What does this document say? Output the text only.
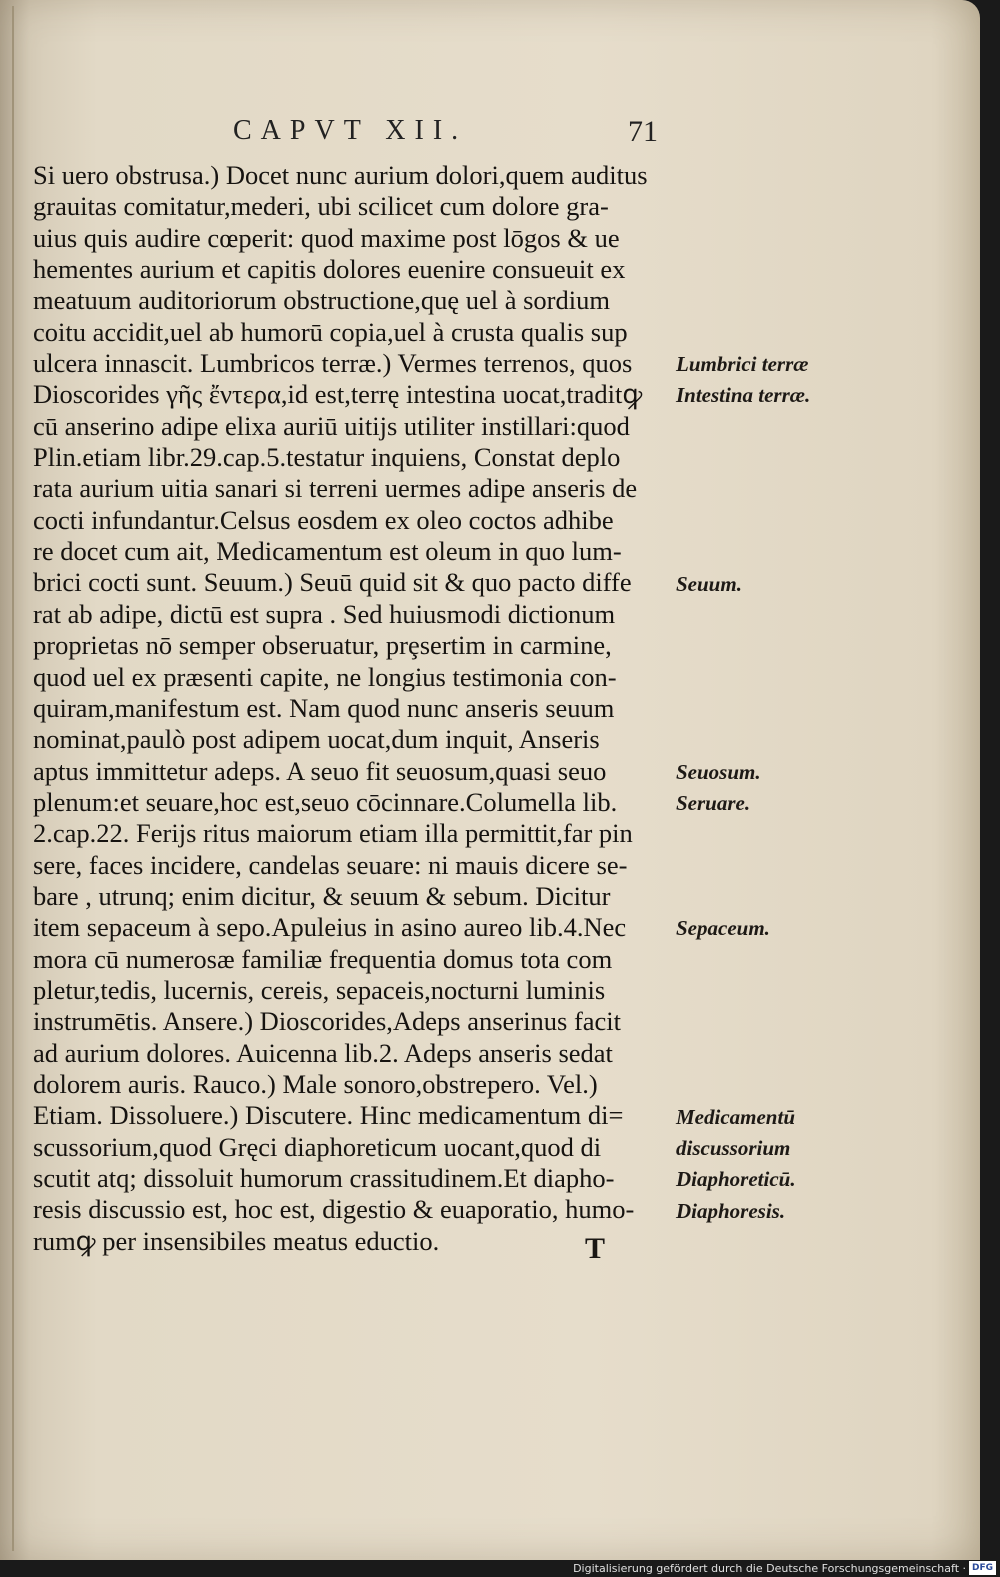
CAPVT XII.	71
Si uero obstrusa.) Docet nunc aurium dolori,quem auditus
grauitas comitatur,mederi, ubi scilicet cum dolore gra-
uius quis audire cœperit: quod maxime post lōgos & ue
hementes aurium et capitis dolores euenire consueuit ex
meatuum auditoriorum obstructione,quę uel à sordium
coitu accidit,uel ab humorū copia,uel à crusta qualis sup
ulcera innascit. Lumbricos terræ.) Vermes terrenos, quos
Dioscorides γῆς ἔντερα,id est,terrę intestina uocat,traditꝙ
cū anserino adipe elixa auriū uitijs utiliter instillari:quod
Plin.etiam libr.29.cap.5.testatur inquiens, Constat deplo
rata aurium uitia sanari si terreni uermes adipe anseris de
cocti infundantur.Celsus eosdem ex oleo coctos adhibe
re docet cum ait, Medicamentum est oleum in quo lum-
brici cocti sunt. Seuum.) Seuū quid sit & quo pacto diffe
rat ab adipe, dictū est supra . Sed huiusmodi dictionum
proprietas nō semper obseruatur, prȩsertim in carmine,
quod uel ex præsenti capite, ne longius testimonia con-
quiram,manifestum est. Nam quod nunc anseris seuum
nominat,paulò post adipem uocat,dum inquit, Anseris
aptus immittetur adeps. A seuo fit seuosum,quasi seuo
plenum:et seuare,hoc est,seuo cōcinnare.Columella lib.
2.cap.22. Ferijs ritus maiorum etiam illa permittit,far pin
sere, faces incidere, candelas seuare: ni mauis dicere se-
bare , utrunq; enim dicitur, & seuum & sebum. Dicitur
item sepaceum à sepo.Apuleius in asino aureo lib.4.Nec
mora cū numerosæ familiæ frequentia domus tota com
pletur,tedis, lucernis, cereis, sepaceis,nocturni luminis
instrumētis. Ansere.) Dioscorides,Adeps anserinus facit
ad aurium dolores. Auicenna lib.2. Adeps anseris sedat
dolorem auris. Rauco.) Male sonoro,obstrepero. Vel.)
Etiam. Dissoluere.) Discutere. Hinc medicamentum di=
scussorium,quod Gręci diaphoreticum uocant,quod di
scutit atq; dissoluit humorum crassitudinem.Et diapho-
resis discussio est, hoc est, digestio & euaporatio, humo-
rumꝙ per insensibiles meatus eductio.
Lumbrici terræ
Intestina terræ.
Seuum.
Seuosum.
Seruare.
Sepaceum.
Medicamentū
discussorium
Diaphoreticū.
Diaphoresis.
T
Digitalisierung gefördert durch die Deutsche Forschungsgemeinschaft · DFG
